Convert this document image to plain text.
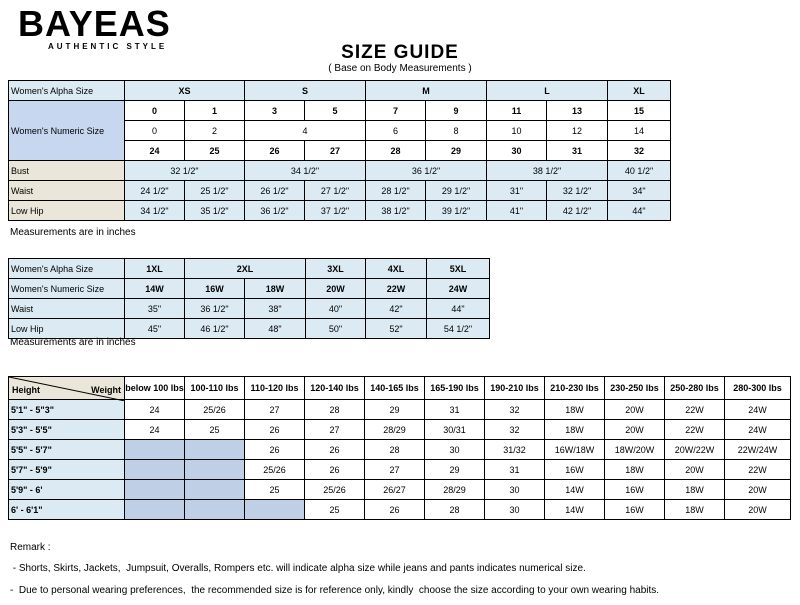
BAYEAS
AUTHENTIC STYLE	SIZE GUIDE
( Base on Body Measurements )
Women's Alpha Size	XS		S		M		L		XL
Women's Numeric Size	0	1	3	5	7	9	11	13	15
	0	2	4		6	8	10	12	14
	24	25	26	27	28	29	30	31	32
Bust	32 1/2"		34 1/2"		36 1/2"		38 1/2"		40 1/2"
Waist	24 1/2"	25 1/2"	26 1/2"	27 1/2"	28 1/2"	29 1/2"	31"	32 1/2"	34"
Low Hip	34 1/2"	35 1/2"	36 1/2"	37 1/2"	38 1/2"	39 1/2"	41"	42 1/2"	44"
Measurements are in inches
Women's Alpha Size	1XL	2XL		3XL	4XL	5XL
Women's Numeric Size	14W	16W	18W	20W	22W	24W
Waist	35"	36 1/2"	38"	40"	42"	44"
Low Hip	45"	46 1/2"	48"	50"	52"	54 1/2"
Measurements are in inches
Height Weight	below 100 lbs	100-110 lbs	110-120 lbs	120-140 lbs	140-165 lbs	165-190 lbs	190-210 lbs	210-230 lbs	230-250 lbs	250-280 lbs	280-300 lbs
5'1" - 5"3"	24	25/26	27	28	29	31	32	18W	20W	22W	24W
5'3" - 5'5"	24	25	26	27	28/29	30/31	32	18W	20W	22W	24W
5'5" - 5'7"			26	26	28	30	31/32	16W/18W	18W/20W	20W/22W	22W/24W
5'7" - 5'9"			25/26	26	27	29	31	16W	18W	20W	22W
5'9" - 6'			25	25/26	26/27	28/29	30	14W	16W	18W	20W
6' - 6'1"				25	26	28	30	14W	16W	18W	20W
Remark :
- Shorts, Skirts, Jackets,  Jumpsuit, Overalls, Rompers etc. will indicate alpha size while jeans and pants indicates numerical size.
-  Due to personal wearing preferences,  the recommended size is for reference only, kindly  choose the size according to your own wearing habits.
